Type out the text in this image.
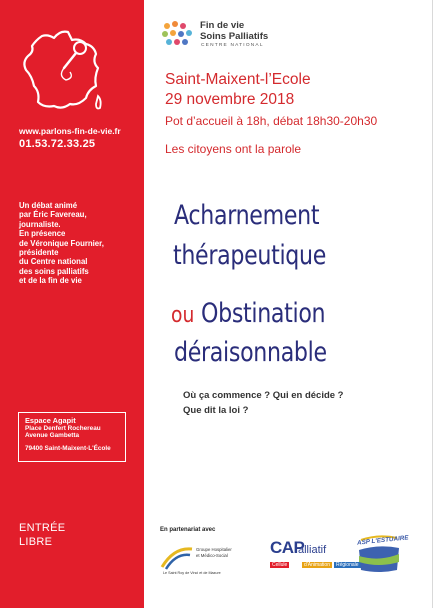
www.parlons-fin-de-vie.fr
01.53.72.33.25
Un débat animé
par Éric Favereau,
journaliste.
En présence
de Véronique Fournier,
présidente
du Centre national
des soins palliatifs
et de la fin de vie
Espace Agapit
Place Denfert Rochereau
Avenue Gambetta
79400 Saint-Maixent-L'École
ENTRÉE
LIBRE
Fin de vie
Soins Palliatifs
CENTRE NATIONAL
Saint-Maixent-l’Ecole
29 novembre 2018
Pot d’accueil à 18h, débat 18h30-20h30
Les citoyens ont la parole
Acharnement
thérapeutique
ou Obstination
déraisonnable
Où ça commence ? Qui en décide ?
Que dit la loi ?
En partenariat avec
Groupe Hospitalier
et Médico-Social
Le Saint Roy de Vinci et de Mazure
CAP
alliatif
Cellule	d'Animation	Régionale
ASP L'ESTUAIRE
